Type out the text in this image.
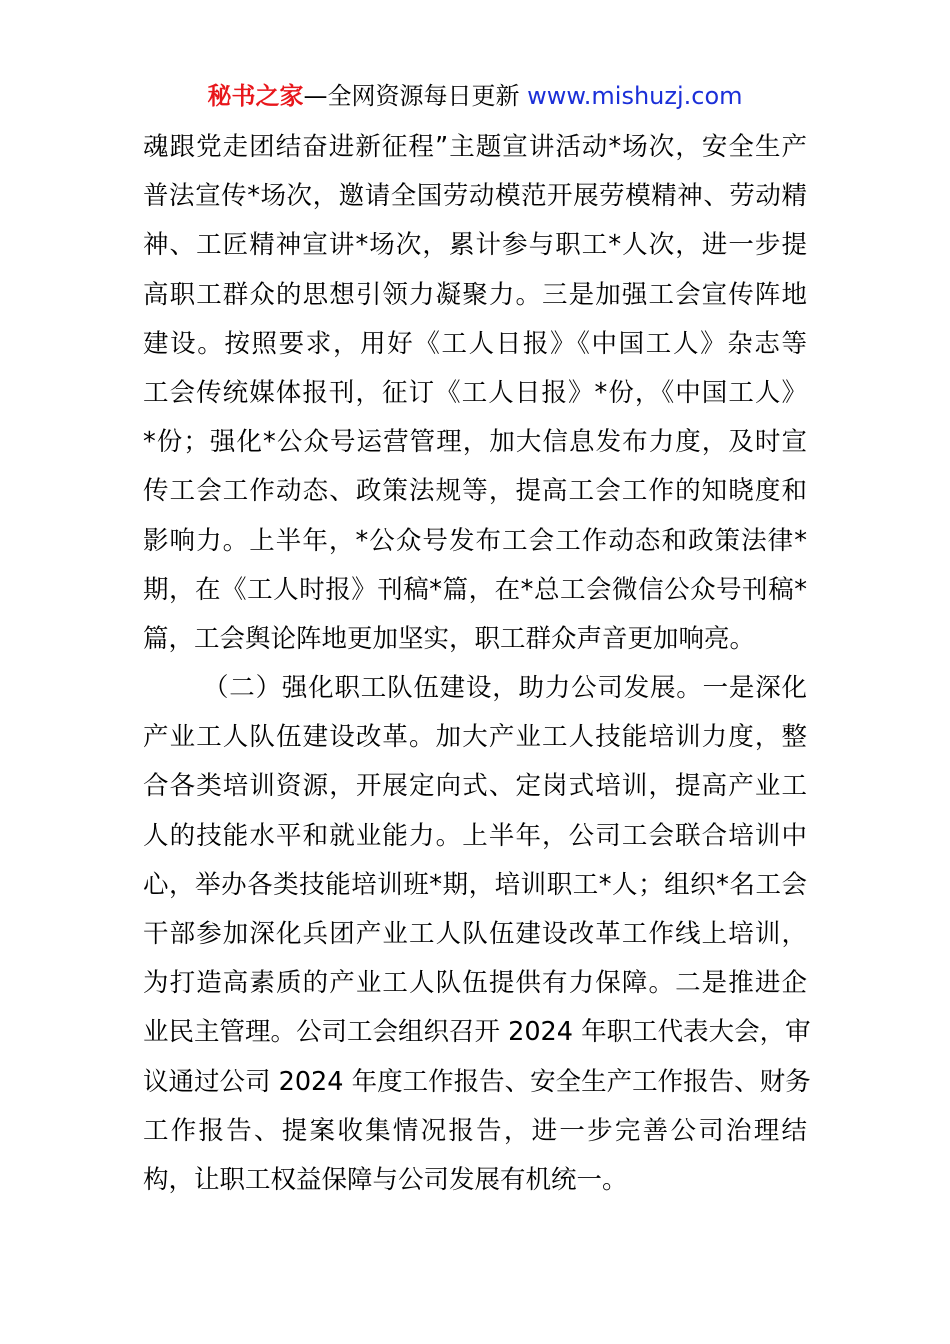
秘书之家—全网资源每日更新 www.mishuzj.com
魂跟党走团结奋进新征程”主题宣讲活动*场次，安全生产
普法宣传*场次，邀请全国劳动模范开展劳模精神、劳动精
神、工匠精神宣讲*场次，累计参与职工*人次，进一步提
高职工群众的思想引领力凝聚力。三是加强工会宣传阵地
建设。按照要求，用好《工人日报》《中国工人》杂志等
工会传统媒体报刊，征订《工人日报》*份，《中国工人》
*份；强化*公众号运营管理，加大信息发布力度，及时宣
传工会工作动态、政策法规等，提高工会工作的知晓度和
影响力。上半年，*公众号发布工会工作动态和政策法律*
期，在《工人时报》刊稿*篇，在*总工会微信公众号刊稿*
篇，工会舆论阵地更加坚实，职工群众声音更加响亮。
（二）强化职工队伍建设，助力公司发展。一是深化
产业工人队伍建设改革。加大产业工人技能培训力度，整
合各类培训资源，开展定向式、定岗式培训，提高产业工
人的技能水平和就业能力。上半年，公司工会联合培训中
心，举办各类技能培训班*期，培训职工*人；组织*名工会
干部参加深化兵团产业工人队伍建设改革工作线上培训，
为打造高素质的产业工人队伍提供有力保障。二是推进企
业民主管理。公司工会组织召开 2024 年职工代表大会，审
议通过公司 2024 年度工作报告、安全生产工作报告、财务
工作报告、提案收集情况报告，进一步完善公司治理结
构，让职工权益保障与公司发展有机统一。
